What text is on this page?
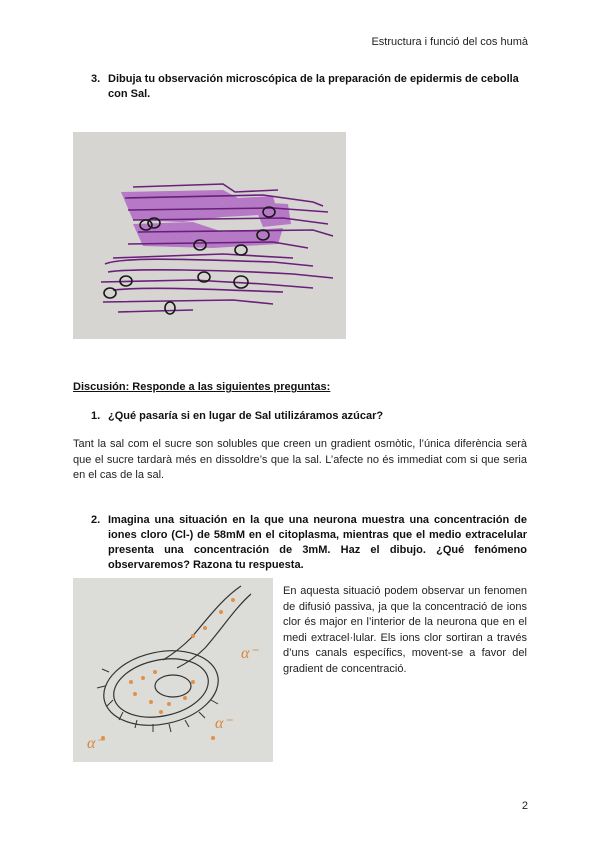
Estructura i funció del cos humà
3. Dibuja tu observación microscópica de la preparación de epidermis de cebolla con Sal.
Discusión: Responde a las siguientes preguntas:
1. ¿Qué pasaría si en lugar de Sal utilizáramos azúcar?
Tant la sal com el sucre son solubles que creen un gradient osmòtic, l’única diferència serà que el sucre tardarà més en dissoldre’s que la sal. L’afecte no és immediat com si que seria en el cas de la sal.
2. Imagina una situación en la que una neurona muestra una concentración de iones cloro (Cl-) de 58mM en el citoplasma, mientras que el medio extracelular presenta una concentración de 3mM. Haz el dibujo. ¿Qué fenómeno observaremos? Razona tu respuesta.
α⁻
α⁻
α⁻
En aquesta situació podem observar un fenomen de difusió passiva, ja que la concentració de ions clor és major en l’interior de la neurona que en el medi extracel·lular. Els ions clor sortiran a través d’uns canals específics, movent-se a favor del gradient de concentració.
2
